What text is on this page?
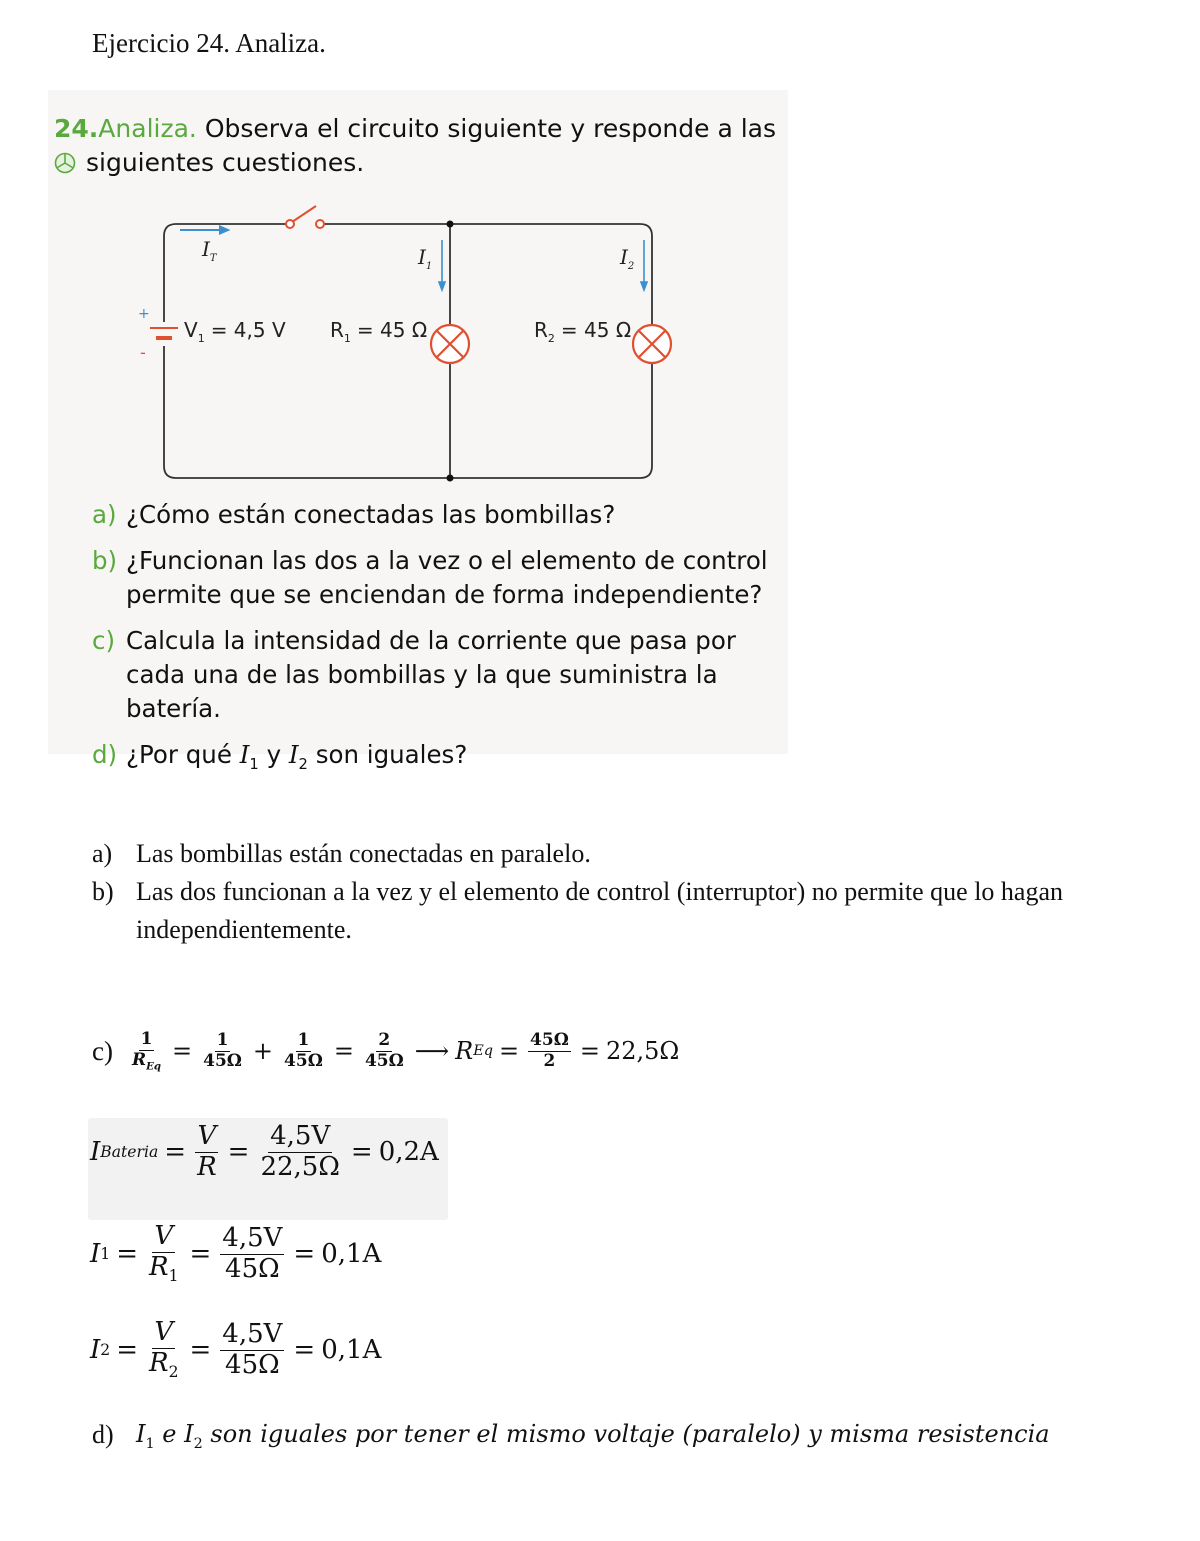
Ejercicio 24. Analiza.
24.Analiza. Observa el circuito siguiente y responde a las
siguientes cuestiones.
+
-
$V_1 = 4,5$ V $R_1 = 45$ Ω	$R_2 = 45$ Ω
$I_T$	$I_1$	$I_2$
a) ¿Cómo están conectadas las bombillas?
b) ¿Funcionan las dos a la vez o el elemento de control permite que se enciendan de forma independiente?
c) Calcula la intensidad de la corriente que pasa por cada una de las bombillas y la que suministra la batería.
d) ¿Por qué $I_1$ y $I_2$ son iguales?
a) Las bombillas están conectadas en paralelo.
b) Las dos funcionan a la vez y el elemento de control (interruptor) no permite que lo hagan independientemente.
$c) \frac{1}{R_{Eq}} = \frac{1}{45\Omega} + \frac{1}{45\Omega} = \frac{2}{45\Omega}$ ⟶ R $Eq = \frac{45\Omega}{2} = 22,5\Omega$
I Bateria = $\frac{V}{R} = \frac{4,5V}{22,5\Omega} = 0,2A$
I $1 = \frac{V}{R_1} = \frac{4,5V}{45\Omega} = 0,1A$
I $2 = \frac{V}{R_2} = \frac{4,5V}{45\Omega} = 0,1A$
d) $I_1$ e $I_2$ son iguales por tener el mismo voltaje (paralelo) y misma resistencia
